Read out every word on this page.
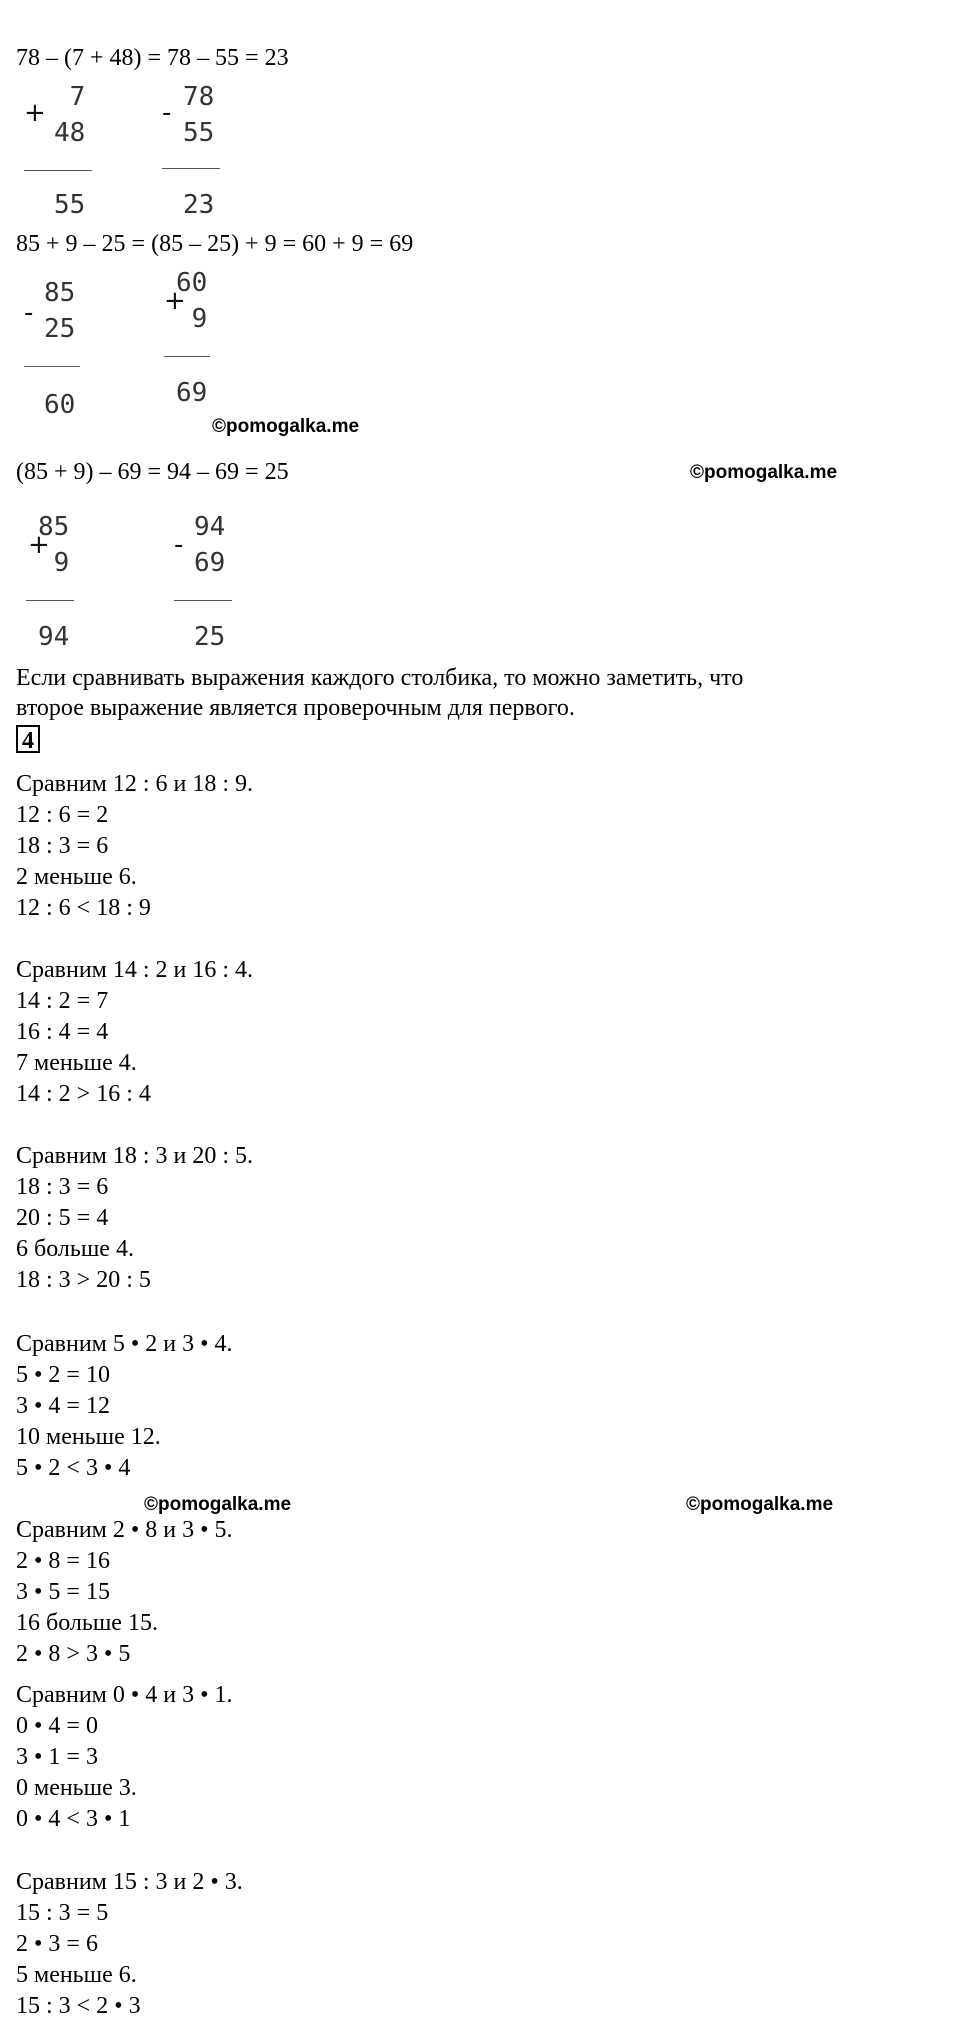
78 – (7 + 48) = 78 – 55 = 23
+
7
48
55
-
78
55
23
85 + 9 – 25 = (85 – 25) + 9 = 60 + 9 = 69
-
85
25
60
+
60
9
69
©pomogalka.me
(85 + 9) – 69 = 94 – 69 = 25	©pomogalka.me
+
85
9
94
-
94
69
25
Если сравнивать выражения каждого столбика, то можно заметить, что
второе выражение является проверочным для первого.
4
Сравним 12 : 6 и 18 : 9.
12 : 6 = 2
18 : 3 = 6
2 меньше 6.
12 : 6 < 18 : 9
Сравним 14 : 2 и 16 : 4.
14 : 2 = 7
16 : 4 = 4
7 меньше 4.
14 : 2 > 16 : 4
Сравним 18 : 3 и 20 : 5.
18 : 3 = 6
20 : 5 = 4
6 больше 4.
18 : 3 > 20 : 5
Сравним 5 • 2 и 3 • 4.
5 • 2 = 10
3 • 4 = 12
10 меньше 12.
5 • 2 < 3 • 4
©pomogalka.me	©pomogalka.me
Сравним 2 • 8 и 3 • 5.
2 • 8 = 16
3 • 5 = 15
16 больше 15.
2 • 8 > 3 • 5
Сравним 0 • 4 и 3 • 1.
0 • 4 = 0
3 • 1 = 3
0 меньше 3.
0 • 4 < 3 • 1
Сравним 15 : 3 и 2 • 3.
15 : 3 = 5
2 • 3 = 6
5 меньше 6.
15 : 3 < 2 • 3
